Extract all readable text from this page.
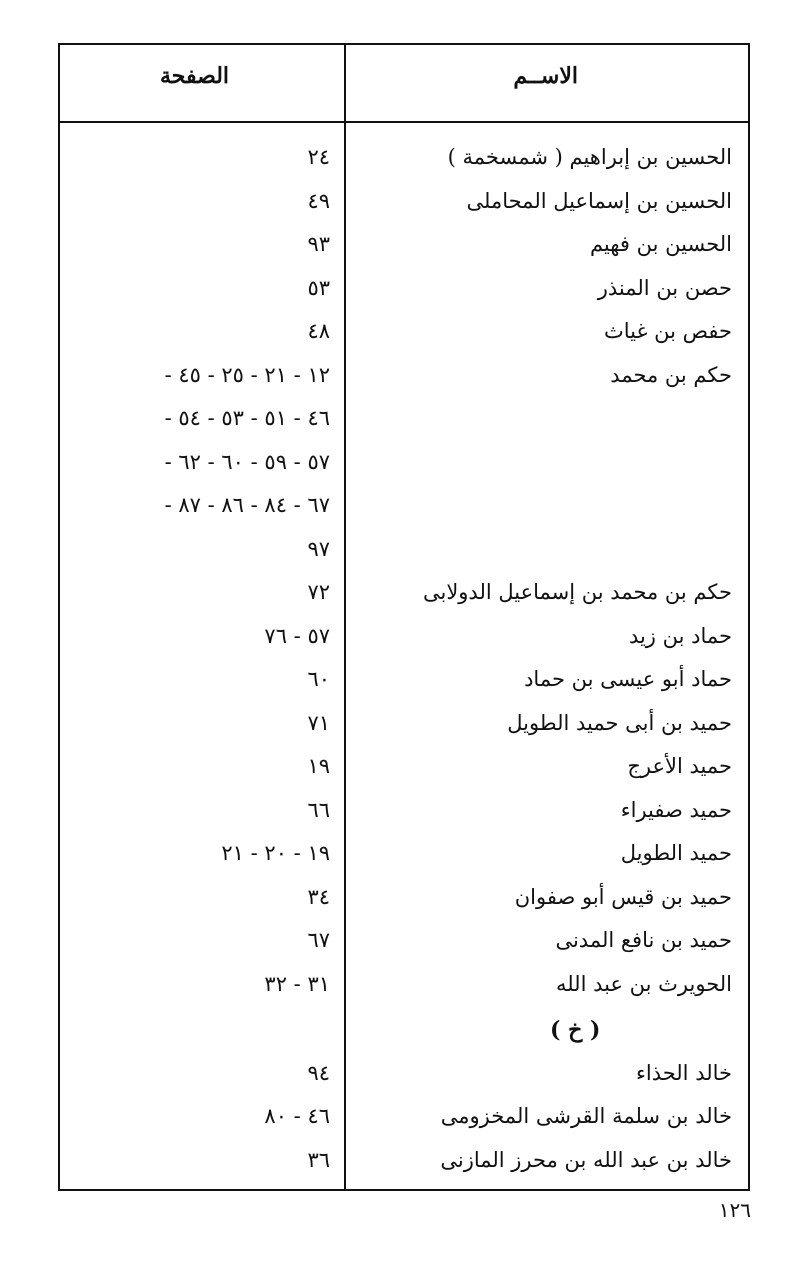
الاســم
الصفحة
الحسين بن إبراهيم ( شمسخمة )
٢٤
الحسين بن إسماعيل المحاملى
٤٩
الحسين بن فهيم
٩٣
حصن بن المنذر
٥٣
حفص بن غياث
٤٨
حكم بن محمد
١٢ - ٢١ - ٢٥ - ٤٥ -
٤٦ - ٥١ - ٥٣ - ٥٤ -
٥٧ - ٥٩ - ٦٠ - ٦٢ -
٦٧ - ٨٤ - ٨٦ - ٨٧ -
٩٧
حكم بن محمد بن إسماعيل الدولابى
٧٢
حماد بن زيد
٥٧ - ٧٦
حماد أبو عيسى بن حماد
٦٠
حميد بن أبى حميد الطويل
٧١
حميد الأعرج
١٩
حميد صفيراء
٦٦
حميد الطويل
١٩ - ٢٠ - ٢١
حميد بن قيس أبو صفوان
٣٤
حميد بن نافع المدنى
٦٧
الحويرث بن عبد الله
٣١ - ٣٢
( خ )
خالد الحذاء
٩٤
خالد بن سلمة القرشى المخزومى
٤٦ - ٨٠
خالد بن عبد الله بن محرز المازنى
٣٦
١٢٦
